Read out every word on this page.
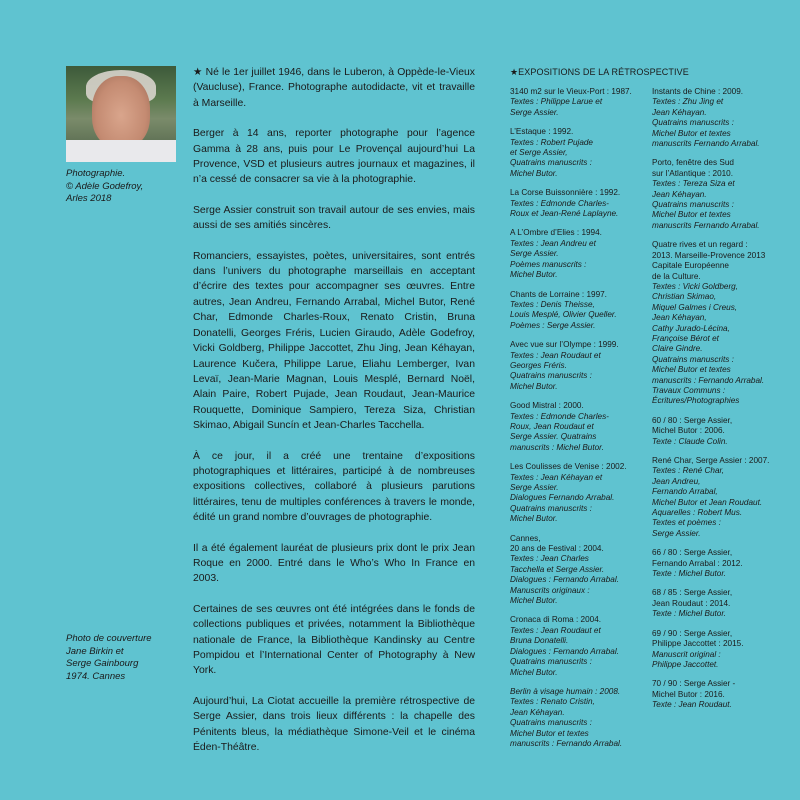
Photographie.
© Adèle Godefroy,
Arles 2018
Photo de couverture
Jane Birkin et
Serge Gainbourg
1974. Cannes

★ Né le 1er juillet 1946, dans le Luberon, à Oppède-le-Vieux (Vaucluse), France. Photographe autodidacte, vit et travaille à Marseille.

Berger à 14 ans, reporter photographe pour l’agence Gamma à 28 ans, puis pour Le Provençal aujourd’hui La Provence, VSD et plusieurs autres journaux et magazines, il n’a cessé de consacrer sa vie à la photographie.

Serge Assier construit son travail autour de ses envies, mais aussi de ses amitiés sincères.

Romanciers, essayistes, poètes, universitaires, sont entrés dans l’univers du photographe marseillais en acceptant d’écrire des textes pour accompagner ses œuvres. Entre autres, Jean Andreu, Fernando Arrabal, Michel Butor, René Char, Edmonde Charles-Roux, Renato Cristin, Bruna Donatelli, Georges Fréris, Lucien Giraudo, Adèle Godefroy, Vicki Goldberg, Philippe Jaccottet, Zhu Jing, Jean Kéhayan, Laurence Kučera, Philippe Larue, Eliahu Lemberger, Ivan Levaï, Jean-Marie Magnan, Louis Mesplé, Bernard Noël, Alain Paire, Robert Pujade, Jean Roudaut, Jean-Maurice Rouquette, Dominique Sampiero, Tereza Siza, Christian Skimao, Abigail Suncín et Jean-Charles Tacchella.

À ce jour, il a créé une trentaine d’expositions photographiques et littéraires, participé à de nombreuses expositions collectives, collaboré à plusieurs parutions littéraires, tenu de multiples conférences à travers le monde, édité un grand nombre d’ouvrages de photographie.

Il a été également lauréat de plusieurs prix dont le prix Jean Roque en 2000. Entré dans le Who’s Who In France en 2003.

Certaines de ses œuvres ont été intégrées dans le fonds de collections publiques et privées, notamment la Bibliothèque nationale de France, la Bibliothèque Kandinsky au Centre Pompidou et l’International Center of Photography à New York.

Aujourd’hui, La Ciotat accueille la première rétrospective de Serge Assier, dans trois lieux différents : la chapelle des Pénitents bleus, la médiathèque Simone-Veil et le cinéma Éden-Théâtre.

★EXPOSITIONS DE LA RÉTROSPECTIVE
3140 m2 sur le Vieux-Port : 1987.
Textes : Philippe Larue et
Serge Assier.
L’Estaque : 1992.
Textes : Robert Pujade
et Serge Assier,
Quatrains manuscrits :
Michel Butor.
La Corse Buissonnière : 1992.
Textes : Edmonde Charles-
Roux et Jean-René Laplayne.
A L’Ombre d’Elies : 1994.
Textes : Jean Andreu et
Serge Assier.
Poèmes manuscrits :
Michel Butor.
Chants de Lorraine : 1997.
Textes : Denis Theisse,
Louis Mesplé, Olivier Queller.
Poèmes : Serge Assier.
Avec vue sur l’Olympe : 1999.
Textes : Jean Roudaut et
Georges Fréris.
Quatrains manuscrits :
Michel Butor.
Good Mistral : 2000.
Textes : Edmonde Charles-
Roux, Jean Roudaut et
Serge Assier. Quatrains
manuscrits : Michel Butor.
Les Coulisses de Venise : 2002.
Textes : Jean Kéhayan et
Serge Assier.
Dialogues Fernando Arrabal.
Quatrains manuscrits :
Michel Butor.
Cannes,
20 ans de Festival : 2004.
Textes : Jean Charles
Tacchella et Serge Assier.
Dialogues : Fernando Arrabal.
Manuscrits originaux :
Michel Butor.
Cronaca di Roma : 2004.
Textes : Jean Roudaut et
Bruna Donatelli.
Dialogues : Fernando Arrabal.
Quatrains manuscrits :
Michel Butor.
Berlin à visage humain : 2008.
Textes : Renato Cristin,
Jean Kéhayan.
Quatrains manuscrits :
Michel Butor et textes
manuscrits : Fernando Arrabal.
Instants de Chine : 2009.
Textes : Zhu Jing et
Jean Kéhayan.
Quatrains manuscrits :
Michel Butor et textes
manuscrits Fernando Arrabal.
Porto, fenêtre des Sud
sur l’Atlantique : 2010.
Textes : Tereza Siza et
Jean Kéhayan.
Quatrains manuscrits :
Michel Butor et textes
manuscrits Fernando Arrabal.
Quatre rives et un regard :
2013. Marseille-Provence 2013
Capitale Européenne
de la Culture.
Textes : Vicki Goldberg,
Christian Skimao,
Miquel Galmes i Creus,
Jean Kéhayan,
Cathy Jurado-Lécina,
Françoise Bérot et
Claire Gindre.
Quatrains manuscrits :
Michel Butor et textes
manuscrits : Fernando Arrabal.
Travaux Communs :
Écritures/Photographies
60 / 80 : Serge Assier,
Michel Butor : 2006.
Texte : Claude Colin.
René Char, Serge Assier : 2007.
Textes : René Char,
Jean Andreu,
Fernando Arrabal,
Michel Butor et Jean Roudaut.
Aquarelles : Robert Mus.
Textes et poèmes :
Serge Assier.
66 / 80 : Serge Assier,
Fernando Arrabal : 2012.
Texte : Michel Butor.
68 / 85 : Serge Assier,
Jean Roudaut : 2014.
Texte : Michel Butor.
69 / 90 : Serge Assier,
Philippe Jaccottet : 2015.
Manuscrit original :
Philippe Jaccottet.
70 / 90 : Serge Assier -
Michel Butor : 2016.
Texte : Jean Roudaut.
